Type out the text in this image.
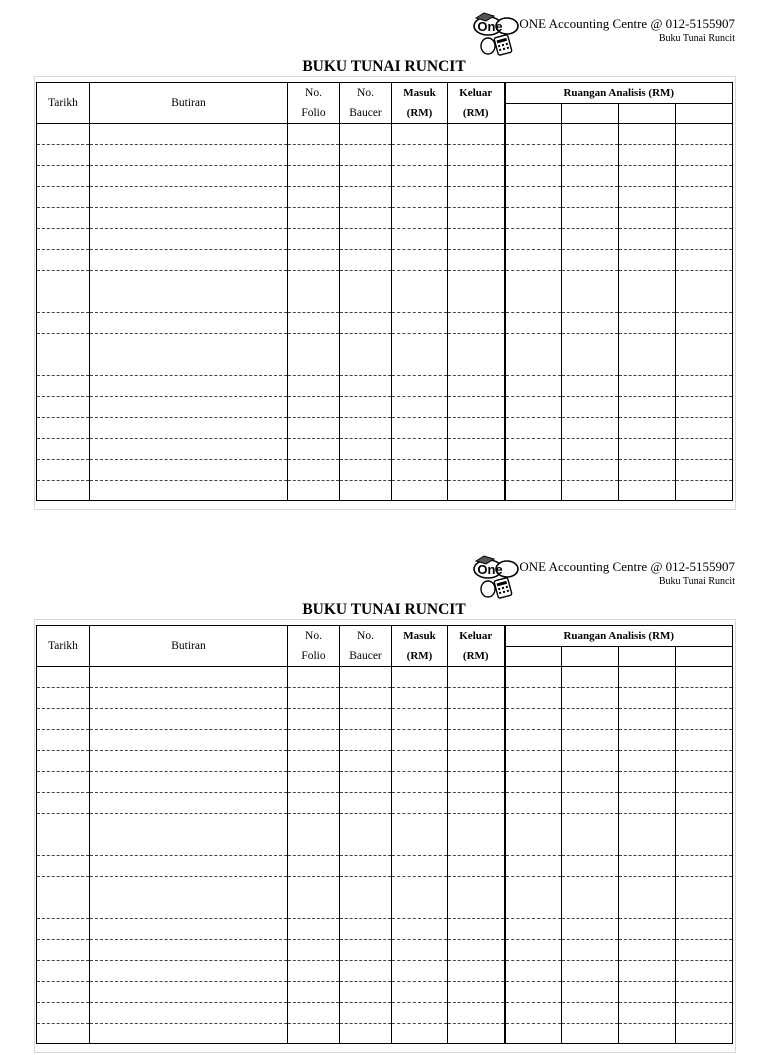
One ONE Accounting Centre @ 012-5155907
Buku Tunai Runcit
BUKU TUNAI RUNCIT
Tarikh	Butiran	No.	No.	Masuk	Keluar	Ruangan Analisis (RM)			
		Folio	Baucer	(RM)	(RM)				

One ONE Accounting Centre @ 012-5155907
Buku Tunai Runcit
BUKU TUNAI RUNCIT
Tarikh	Butiran	No.	No.	Masuk	Keluar	Ruangan Analisis (RM)			
		Folio	Baucer	(RM)	(RM)				
